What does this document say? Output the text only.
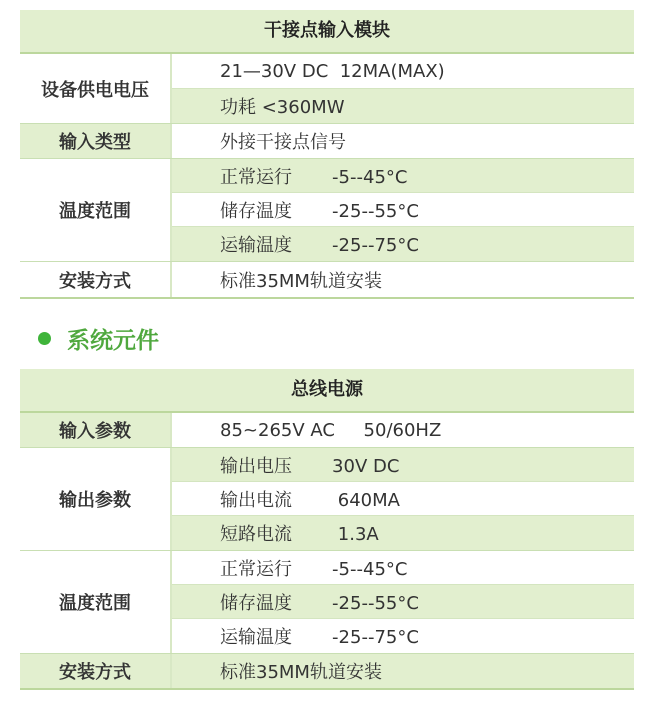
干接点输入模块
设备供电电压
21—30V DC  12MA(MAX)
功耗 <360MW
输入类型	外接干接点信号
温度范围
正常运行       -5--45°C
储存温度       -25--55°C
运输温度       -25--75°C
安装方式	标准35MM轨道安装
系统元件
总线电源
输入参数	85~265V AC     50/60HZ
输出参数
输出电压       30V DC
输出电流        640MA
短路电流        1.3A
温度范围
正常运行       -5--45°C
储存温度       -25--55°C
运输温度       -25--75°C
安装方式	标准35MM轨道安装
